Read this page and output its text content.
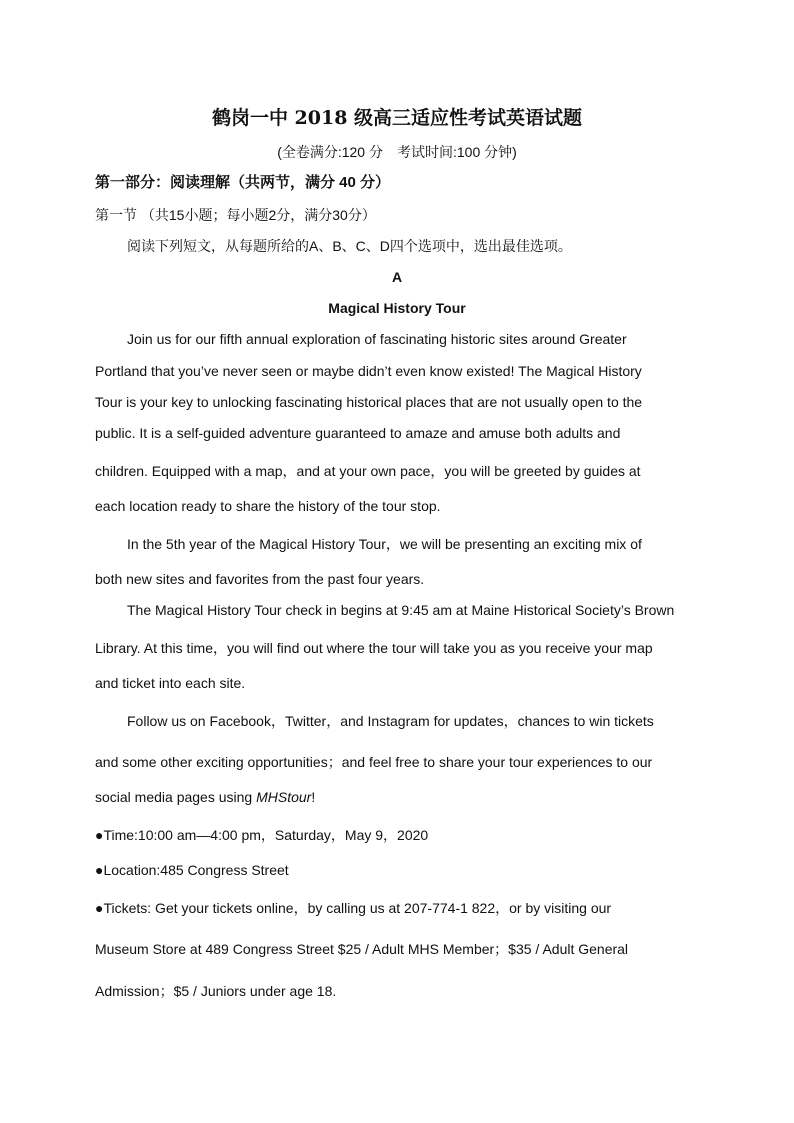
鹤岗一中 2018 级高三适应性考试英语试题
(全卷满分:120 分　考试时间:100 分钟)
第一部分：阅读理解（共两节，满分 40 分）
第一节 （共15小题；每小题2分，满分30分）
阅读下列短文，从每题所给的A、B、C、D四个选项中，选出最佳选项。
A
Magical History Tour
Join us for our fifth annual exploration of fascinating historic sites around Greater
Portland that you’ve never seen or maybe didn’t even know existed! The Magical History
Tour is your key to unlocking fascinating historical places that are not usually open to the
public. It is a self-guided adventure guaranteed to amaze and amuse both adults and
children. Equipped with a map，and at your own pace，you will be greeted by guides at
each location ready to share the history of the tour stop.
In the 5th year of the Magical History Tour，we will be presenting an exciting mix of
both new sites and favorites from the past four years.
The Magical History Tour check in begins at 9:45 am at Maine Historical Society’s Brown
Library. At this time，you will find out where the tour will take you as you receive your map
and ticket into each site.
Follow us on Facebook，Twitter，and Instagram for updates，chances to win tickets
and some other exciting opportunities；and feel free to share your tour experiences to our
social media pages using MHStour!
●Time:10:00 am—4:00 pm，Saturday，May 9，2020
●Location:485 Congress Street
●Tickets: Get your tickets online，by calling us at 207-774-1 822，or by visiting our
Museum Store at 489 Congress Street $25 / Adult MHS Member；$35 / Adult General
Admission；$5 / Juniors under age 18.
